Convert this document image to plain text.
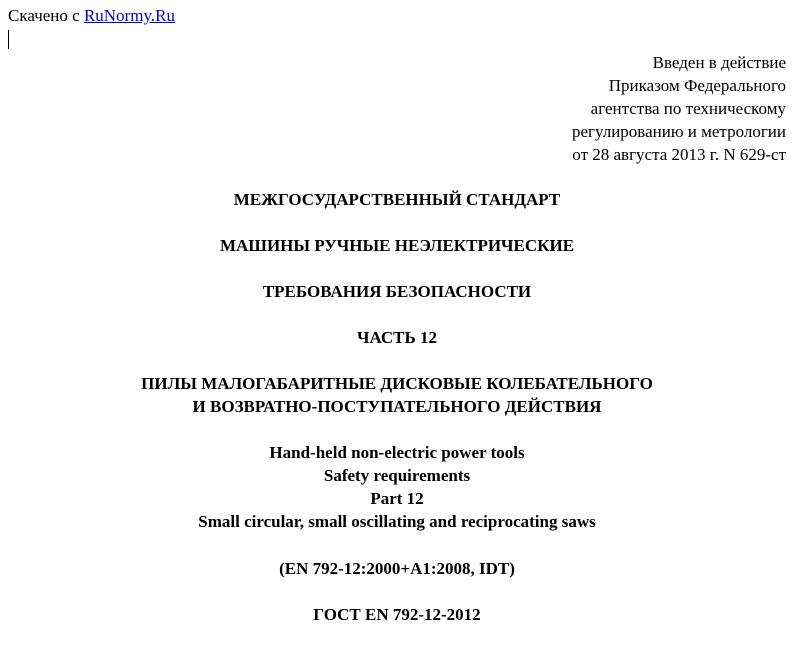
Скачено с RuNormy.Ru
Введен в действие
Приказом Федерального
агентства по техническому
регулированию и метрологии
от 28 августа 2013 г. N 629-ст
МЕЖГОСУДАРСТВЕННЫЙ СТАНДАРТ
МАШИНЫ РУЧНЫЕ НЕЭЛЕКТРИЧЕСКИЕ
ТРЕБОВАНИЯ БЕЗОПАСНОСТИ
ЧАСТЬ 12
ПИЛЫ МАЛОГАБАРИТНЫЕ ДИСКОВЫЕ КОЛЕБАТЕЛЬНОГО
И ВОЗВРАТНО-ПОСТУПАТЕЛЬНОГО ДЕЙСТВИЯ
Hand-held non-electric power tools
Safety requirements
Part 12
Small circular, small oscillating and reciprocating saws
(EN 792-12:2000+A1:2008, IDT)
ГОСТ EN 792-12-2012
